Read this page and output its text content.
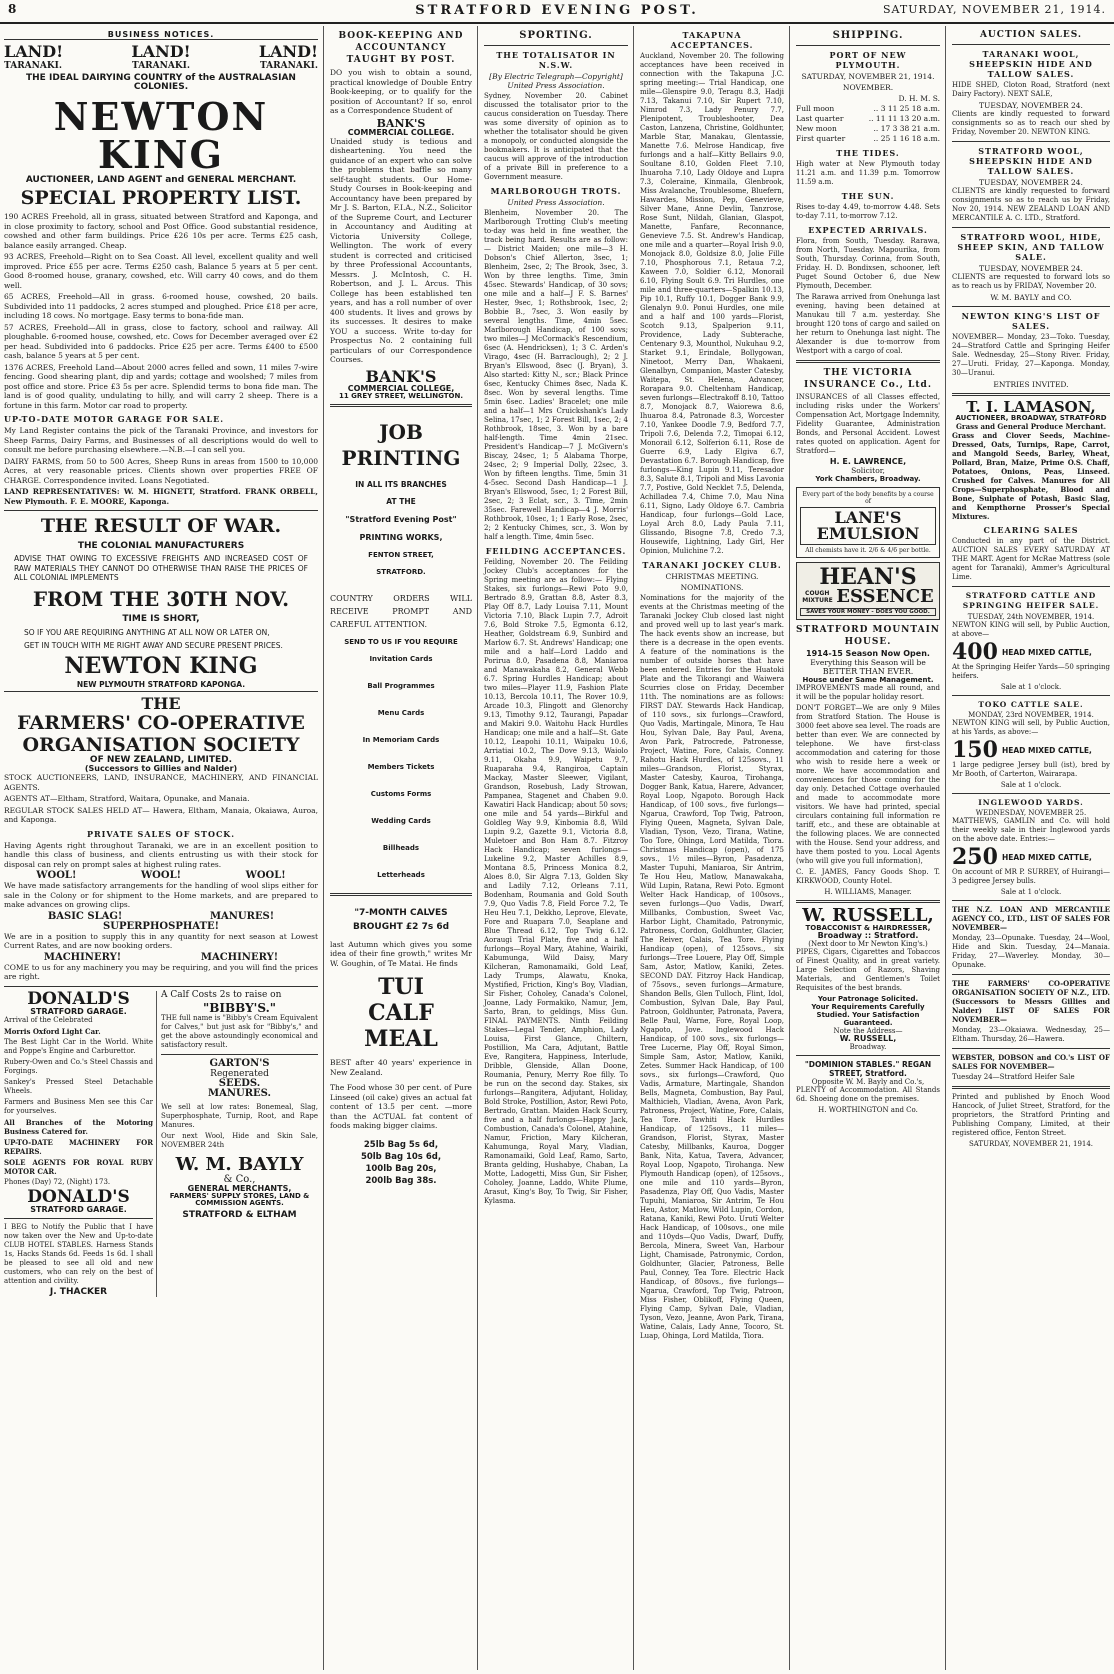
8	STRATFORD EVENING POST.	SATURDAY, NOVEMBER 21, 1914.
BUSINESS NOTICES.
LAND!	LAND!	LAND!
TARANAKI.	TARANAKI.	TARANAKI.
THE IDEAL DAIRYING COUNTRY of the AUSTRALASIAN COLONIES.
NEWTON KING
AUCTIONEER, LAND AGENT and GENERAL MERCHANT.
SPECIAL PROPERTY LIST.

190 ACRES Freehold, all in grass, situated between Stratford and Kaponga, and in close proximity to factory, school and Post Office. Good substantial residence, cowshed and other farm buildings. Price £26 10s per acre. Terms £25 cash, balance easily arranged. Cheap.

93 ACRES, Freehold—Right on to Sea Coast. All level, excellent quality and well improved. Price £55 per acre. Terms £250 cash, Balance 5 years at 5 per cent. Good 8-roomed house, granary, cowshed, etc. Will carry 40 cows, and do them well.

65 ACRES, Freehold—All in grass. 6-roomed house, cowshed, 20 bails. Subdivided into 11 paddocks, 2 acres stumped and ploughed. Price £18 per acre, including 18 cows. No mortgage. Easy terms to bona-fide man.

57 ACRES, Freehold—All in grass, close to factory, school and railway. All ploughable. 6-roomed house, cowshed, etc. Cows for December averaged over £2 per head. Subdivided into 6 paddocks. Price £25 per acre. Terms £400 to £500 cash, balance 5 years at 5 per cent.

1376 ACRES, Freehold Land—About 2000 acres felled and sown, 11 miles 7-wire fencing. Good shearing plant, dip and yards; cottage and woolshed; 7 miles from post office and store. Price £3 5s per acre. Splendid terms to bona fide man. The land is of good quality, undulating to hilly, and will carry 2 sheep. There is a fortune in this farm. Motor car road to property.

UP-TO-DATE MOTOR GARAGE FOR SALE.

My Land Register contains the pick of the Taranaki Province, and investors for Sheep Farms, Dairy Farms, and Businesses of all descriptions would do well to consult me before purchasing elsewhere.—N.B.—I can sell you.

DAIRY FARMS, from 50 to 500 Acres, Sheep Runs in areas from 1500 to 10,000 Acres, at very reasonable prices. Clients shown over properties FREE OF CHARGE. Correspondence invited. Loans Negotiated.

LAND REPRESENTATIVES: W. M. HIGNETT, Stratford. FRANK ORBELL, New Plymouth. F. E. MOORE, Kaponga.

THE RESULT OF WAR.
THE COLONIAL MANUFACTURERS

ADVISE THAT OWING TO EXCESSIVE FREIGHTS AND INCREASED COST OF RAW MATERIALS THEY CANNOT DO OTHERWISE THAN RAISE THE PRICES OF ALL COLONIAL IMPLEMENTS

FROM THE 30TH NOV.
TIME IS SHORT,

SO IF YOU ARE REQUIRING ANYTHING AT ALL NOW OR LATER ON,

GET IN TOUCH WITH ME RIGHT AWAY AND SECURE PRESENT PRICES.

NEWTON KING
NEW PLYMOUTH STRATFORD KAPONGA.
THE
FARMERS' CO-OPERATIVE ORGANISATION SOCIETY
OF NEW ZEALAND, LIMITED.
(Successors to Gillies and Nalder)

STOCK AUCTIONEERS, LAND, INSURANCE, MACHINERY, AND FINANCIAL AGENTS.

AGENTS AT—Eltham, Stratford, Waitara, Opunake, and Manaia.

REGULAR STOCK SALES HELD AT— Hawera, Eltham, Manaia, Okaiawa, Auroa, and Kaponga.

PRIVATE SALES OF STOCK.

Having Agents right throughout Taranaki, we are in an excellent position to handle this class of business, and clients entrusting us with their stock for disposal can rely on prompt sales at highest ruling rates.

WOOL!	WOOL!	WOOL!

We have made satisfactory arrangements for the handling of wool slips either for sale in the Colony or for shipment to the Home markets, and are prepared to make advances on growing clips.

BASIC SLAG!	MANURES!
SUPERPHOSPHATE!

We are in a position to supply this in any quantity for next season at Lowest Current Rates, and are now booking orders.

MACHINERY!	MACHINERY!

COME to us for any machinery you may be requiring, and you will find the prices are right.

DONALD'S
STRATFORD GARAGE.

Arrival of the Celebrated

Morris Oxford Light Car.

The Best Light Car in the World. White and Poppe's Engine and Carburettor.

Rubery-Owen and Co.'s Steel Chassis and Forgings.

Sankey's Pressed Steel Detachable Wheels.

Farmers and Business Men see this Car for yourselves.

All Branches of the Motoring Business Catered for.

UP-TO-DATE MACHINERY FOR REPAIRS.

SOLE AGENTS FOR ROYAL RUBY MOTOR CAR.

Phones (Day) 72, (Night) 173.

DONALD'S
STRATFORD GARAGE.

I BEG to Notify the Public that I have now taken over the New and Up-to-date CLUB HOTEL STABLES. Harness Stands 1s, Hacks Stands 6d. Feeds 1s 6d. I shall be pleased to see all old and new customers, who can rely on the best of attention and civility.

J. THACKER

A Calf Costs 2s to raise on

"BIBBY'S."

THE full name is "Bibby's Cream Equivalent for Calves," but just ask for "Bibby's," and get the above astoundingly economical and satisfactory result.

GARTON'S
Regenerated
SEEDS.
MANURES.

We sell at low rates: Bonemeal, Slag, Superphosphate, Turnip, Root, and Rape Manures.

Our next Wool, Hide and Skin Sale, NOVEMBER 24th

W. M. BAYLY
& Co.,
GENERAL MERCHANTS,
FARMERS' SUPPLY STORES, LAND & COMMISSION AGENTS.
STRATFORD & ELTHAM
BOOK-KEEPING AND ACCOUNTANCY TAUGHT BY POST.

DO you wish to obtain a sound, practical knowledge of Double Entry Book-keeping, or to qualify for the position of Accountant? If so, enrol as a Correspondence Student of

BANK'S
COMMERCIAL COLLEGE.

Unaided study is tedious and disheartening. You need the guidance of an expert who can solve the problems that baffle so many self-taught students. Our Home-Study Courses in Book-keeping and Accountancy have been prepared by Mr J. S. Barton, F.I.A., N.Z., Solicitor of the Supreme Court, and Lecturer in Accountancy and Auditing at Victoria University College, Wellington. The work of every student is corrected and criticised by three Professional Accountants, Messrs. J. McIntosh, C. H. Robertson, and J. L. Arcus. This College has been established ten years, and has a roll number of over 400 students. It lives and grows by its successes. It desires to make YOU a success. Write to-day for Prospectus No. 2 containing full particulars of our Correspondence Courses.

BANK'S
COMMERCIAL COLLEGE,
11 GREY STREET, WELLINGTON.
JOB PRINTING
IN ALL ITS BRANCHES
AT THE
"Stratford Evening Post"
PRINTING WORKS,
FENTON STREET,
STRATFORD.

COUNTRY ORDERS WILL RECEIVE PROMPT AND CAREFUL ATTENTION.

SEND TO US IF YOU REQUIRE
Invitation Cards
Ball Programmes
Menu Cards
In Memoriam Cards
Members Tickets
Customs Forms
Wedding Cards
Billheads
Letterheads
"7-MONTH CALVES BROUGHT £2 7s 6d

last Autumn which gives you some idea of their fine growth," writes Mr W. Goughin, of Te Matai. He finds

TUI
CALF
MEAL

BEST after 40 years' experience in New Zealand.

The Food whose 30 per cent. of Pure Linseed (oil cake) gives an actual fat content of 13.5 per cent. —more than the ACTUAL fat content of foods making bigger claims.

25lb Bag 5s 6d,
50lb Bag 10s 6d,
100lb Bag 20s,
200lb Bag 38s.
SPORTING.
THE TOTALISATOR IN N.S.W.
[By Electric Telegraph—Copyright] United Press Association.

Sydney, November 20. Cabinet discussed the totalisator prior to the caucus consideration on Tuesday. There was some diversity of opinion as to whether the totalisator should be given a monopoly, or conducted alongside the bookmakers. It is anticipated that the caucus will approve of the introduction of a private Bill in preference to a Government measure.

MARLBOROUGH TROTS.
United Press Association.

Blenheim, November 20. The Marlborough Trotting Club's meeting to-day was held in fine weather, the track being hard. Results are as follow:— District Maiden; one mile—3 H. Dobson's Chief Allerton, 3sec, 1; Blenheim, 2sec, 2; The Brook, 3sec, 3. Won by three lengths. Time, 3min 45sec. Stewards' Handicap, of 30 sovs; one mile and a half—J F. S. Barnes' Hester, 9sec, 1; Rothsbrook, 1sec, 2; Bobbie B., 7sec, 3. Won easily by several lengths. Time, 4min 5sec. Marlborough Handicap, of 100 sovs; two miles—J McCormack's Rescendium, 6sec (A. Hendricksen), 1; 3 C. Arden's Virago, 4sec (H. Barraclough), 2; 2 J. Bryan's Ellswood, 8sec (J. Bryan), 3. Also started: Kitty N., scr.; Black Prince 6sec, Kentucky Chimes 8sec, Nada K. 8sec. Won by several lengths. Time 5min 6sec. Ladies' Bracelet; one mile and a half—1 Mrs Cruickshank's Lady Selina, 17sec, 1; 2 Forest Bill, 1sec, 2; 4 Rothbrook, 18sec, 3. Won by a bare half-length. Time 4min 21sec. President's Handicap—7 J. McGivern's Biscay, 24sec, 1; 5 Alabama Thorpe, 24sec, 2; 9 Imperial Dolly, 22sec, 3. Won by fifteen lengths. Time, 5min 31 4-5sec. Second Dash Handicap—1 J. Bryan's Ellswood, 5sec, 1; 2 Forest Bill, 2sec, 2; 3 Eclat, scr., 3. Time, 2min 35sec. Farewell Handicap—4 J. Morris' Rothbrook, 10sec, 1; 1 Early Rose, 2sec, 2; 2 Kentucky Chimes, scr., 3. Won by half a length. Time, 4min 5sec.

FEILDING ACCEPTANCES.

Feilding, November 20. The Feilding Jockey Club's acceptances for the Spring meeting are as follow:— Flying Stakes, six furlongs—Rewi Poto 9.0, Bertrado 8.9, Grattan 8.8, Aster 8.3, Play Off 8.7, Lady Louisa 7.11, Mount Victoria 7.10, Black Lupin 7.7, Adroit 7.6, Bold Stroke 7.5, Egmonta 6.12, Heather, Goldstream 6.9, Sunbird and Marlow 6.7. St. Andrews' Handicap; one mile and a half—Lord Laddo and Porirua 8.0, Pasadena 8.8, Maniaroa and Manawakaha 8.2, General Webb 6.7. Spring Hurdles Handicap; about two miles—Player 11.9, Fashion Plate 10.13, Bercola 10.11, The Rover 10.9, Arcade 10.3, Flingott and Glenorchy 9.13, Timothy 9.12, Taurangi, Papadar and Makiri 9.0. Waitohu Hack Hurdles Handicap; one mile and a half—St. Gate 10.12, Leapohi 10.11, Waipaku 10.6, Arriatiai 10.2, The Dove 9.13, Waiolo 9.11, Okaha 9.9, Waipetu 9.7, Ruaparaha 9.4, Rangiroa, Captain Mackay, Master Sleewer, Vigilant, Grandson, Rosebush, Lady Strowan, Pampanea, Stagenet and Chaben 9.0. Kawatiri Hack Handicap; about 50 sovs; one mile and 54 yards—Birkful and Goldleg Way 9.9, Kinbomia 8.8, Wild Lupin 9.2, Gazette 9.1, Victoria 8.8, Muletoer and Bon Ham 8.7. Fitzroy Hack Handicap; seven furlongs—Lukeline 9.2, Master Achilles 8.9, Montana 8.5, Princess Monica 8.2, Aloes 8.0, Sir Algra 7.13, Golden Sky and Ladily 7.12, Orleans 7.11, Bodenham, Roumania and Gold South 7.9, Quo Vadis 7.8, Field Force 7.2, Te Heu Heu 7.1, Dekkho, Leprove, Elevate, Fore and Ruapara 7.0, Seaplane and Blue Thread 6.12, Top Twig 6.12. Aoraugi Trial Plate, five and a half furlongs—Royal Mary, Atahine, Wairiki, Kabumunga, Wild Daisy, Mary Kilcheran, Ramonamaiki, Gold Leaf, Lady Trumps, Alawatu, Knoka, Mystified, Friction, King's Boy, Vladian, Sir Fisher, Coholey, Canada's Colonel, Joanne, Lady Formakiko, Namur, Jem, Sarto, Bran, to geldings, Miss Gun. FINAL PAYMENTS. Ninth Feilding Stakes—Legal Tender, Amphion, Lady Louisa, First Glance, Chiltern, Postillion, Ma Cara, Adjutant, Battle Eve, Rangitera, Happiness, Interlude, Dribble, Glenside, Allan Doone, Roumania, Penury, Merry Roe filly. To be run on the second day. Stakes, six furlongs—Rangitera, Adjutant, Holiday, Bold Stroke, Postillion, Astor, Rewi Poto, Bertrado, Grattan. Maiden Hack Scurry, five and a half furlongs—Happy Jack, Combustion, Canada's Colonel, Atahine, Namur, Friction, Mary Kilcheran, Kahumunga, Royal Mary, Vladian, Ramonamaiki, Gold Leaf, Ramo, Sarto, Branta gelding, Hushabye, Chaban, La Motte, Ladogetti, Miss Gun, Sir Fisher, Coholey, Joanne, Laddo, White Plume, Arasut, King's Boy, To Twig, Sir Fisher, Kylasma.

TAKAPUNA ACCEPTANCES.

Auckland, November 20. The following acceptances have been received in connection with the Takapuna J.C. spring meeting:— Trial Handicap, one mile—Glenspire 9.0, Teragu 8.3, Hadji 7.13, Takanui 7.10, Sir Rupert 7.10, Nimrod 7.3, Lady Penury 7.7, Plenipotent, Troubleshooter, Dea Caston, Lanzena, Christine, Goldhunter, Marble Star, Manakau, Glentassie, Manette 7.6. Melrose Handicap, five furlongs and a half—Kitty Bellairs 9.0, Soultane 8.10, Golden Fleet 7.10, Ihuaroha 7.10, Lady Oldoye and Lupra 7.3, Coleraine, Kinmaila, Glenbrook, Miss Avalanche, Troublesome, Bluefern, Hawardes, Mission, Pep, Genevieve, Silver Mane, Anne Devlin, Tanzrose, Rose Sunt, Nildah, Glanian, Glaspot, Manette, Fanfare, Reconnance, Genevieve 7.5. St. Andrew's Handicap, one mile and a quarter—Royal Irish 9.0, Monojack 8.0, Goldsize 8.0, Jolie Fille 7.10, Phosphorous 7.1, Retaua 7.2, Kaween 7.0, Soldier 6.12, Monorail 6.10, Flying Soult 6.9. Tri Hurdles, one mile and three-quarters—Spalkin 10.13, Pip 10.1, Ruffy 10.1, Dogger Bank 9.9, Glenalyn 9.0. Ponui Hurdles, one mile and a half and 100 yards—Florist, Scotch 9.13, Spalperion 9.11, Providence, Lady Subterache, Centenary 9.3, Mounthol, Nukuhau 9.2, Starket 9.1, Erindale, Bollygowan, Ninetoot, Merry Dan, Whakaeni, Glenalbyn, Companion, Master Catesby, Waitepa, St. Helena, Advancer, Rorapara 9.0. Cheltenham Handicap, seven furlongs—Electrakoff 8.10, Tattoo 8.7, Monojack 8.7, Waiorewa 8.6, Ihuaroa 8.4, Patronade 8.3, Worcester 7.10, Yankee Doodle 7.9, Bedford 7.7, Tripoli 7.6, Delenda 7.2, Timopai 6.12, Monorail 6.12, Solferion 6.11, Rose de Guerre 6.9, Lady Elgiva 6.7, Devastation 6.7. Borough Handicap, five furlongs—King Lupin 9.11, Teresador 8.3, Salute 8.1, Tripoli and Miss Lavonia 7.7, Postive, Gold Necklet 7.5, Delenda, Achilladea 7.4, Chime 7.0, Mau Nina 6.11, Signo, Lady Oldoye 6.7. Cambria Handicap, four furlongs—Gold Lace, Loyal Arch 8.0, Lady Paula 7.11, Glissando, Bisogne 7.8, Credo 7.3, Housewife, Lightning, Lady Girl, Her Opinion, Mulichine 7.2.

TARANAKI JOCKEY CLUB.
CHRISTMAS MEETING.
NOMINATIONS.

Nominations for the majority of the events at the Christmas meeting of the Taranaki Jockey Club closed last night and proved well up to last year's mark. The hack events show an increase, but there is a decrease in the open events. A feature of the nominations is the number of outside horses that have been entered. Entries for the Huatoki Plate and the Tikorangi and Waiwera Scurries close on Friday, December 11th. The nominations are as follows: FIRST DAY. Stewards Hack Handicap, of 110 sovs., six furlongs—Crawford, Quo Vadis, Martingale, Minora, Te Hau Hou, Sylvan Dale, Bay Paul, Avena, Avon Park, Patrocrede, Patronesse, Project, Watine, Fore, Calais, Conney. Rahotu Hack Hurdles, of 125sovs., 11 miles—Grandson, Florist, Styrax, Master Catesby, Kauroa, Tirohanga, Dogger Bank, Katua, Harere, Advancer, Royal Loop, Ngapoto. Borough Hack Handicap, of 100 sovs., five furlongs—Ngarua, Crawford, Top Twig, Patroon, Flying Queen, Magneta, Sylvan Dale, Vladian, Tyson, Vezo, Tirana, Watine, Too Tore, Ohinga, Lord Matilda, Tiora. Christmas Handicap (open), of 175 sovs., 1½ miles—Byron, Pasadenza, Master Tupuhi, Maniaroa, Sir Antrim, Te Hou Heu, Matlow, Manawakaha, Wild Lupin, Ratana, Rewi Poto. Egmont Welter Hack Handicap, of 100sovs., seven furlongs—Quo Vadis, Dwarf, Millbanks, Combustion, Sweet Vac, Harbor Light, Chamitado, Patronymic, Patroness, Cordon, Goldhunter, Glacier, The Reiver, Calais, Tea Tore. Flying Handicap (open), of 125sovs., six furlongs—Tree Louere, Play Off, Simple Sam, Astor, Matlow, Kaniki, Zetes. SECOND DAY. Fitzroy Hack Handicap, of 75sovs., seven furlongs—Armature, Shandon Bells, Glen Tulloch, Flint, Idol, Combustion, Sylvan Dale, Bay Paul, Patroon, Goldhunter, Patronata, Pavera, Belle Paul, Warne, Fore, Royal Loop, Ngapoto, Jove. Inglewood Hack Handicap, of 100 sovs., six furlongs—Tree Lucerne, Play Off, Royal Simon, Simple Sam, Astor, Matlow, Kaniki, Zetes. Summer Hack Handicap, of 100 sovs., six furlongs—Crawford, Quo Vadis, Armature, Martingale, Shandon Bells, Magneta, Combustion, Bay Paul, Malthicieh, Vladian, Avena, Avon Park, Patroness, Project, Watine, Fore, Calais, Tea Tore. Tawhiti Hack Hurdles Handicap, of 125sovs., 11 miles—Grandson, Florist, Styrax, Master Catesby, Millbanks, Kauroa, Dogger Bank, Nita, Katua, Tavera, Advancer, Royal Loop, Ngapoto, Tirohanga. New Plymouth Handicap (open), of 125sovs., one mile and 110 yards—Byron, Pasadenza, Play Off, Quo Vadis, Master Tupuhi, Maniaroa, Sir Antrim, Te Hou Heu, Astor, Matlow, Wild Lupin, Cordon, Ratana, Kaniki, Rewi Poto. Urutī Welter Hack Handicap, of 100sovs., one mile and 110yds—Quo Vadis, Dwarf, Duffy, Bercola, Minera, Sweet Van, Harbour Light, Chamisade, Patronymic, Cordon, Goldhunter, Glacier, Patroness, Belle Paul, Conney, Tea Tore. Electric Hack Handicap, of 80sovs., five furlongs—Ngarua, Crawford, Top Twig, Patroon, Miss Fisher, Oblikoff, Flying Queen, Flying Camp, Sylvan Dale, Vladian, Tyson, Vezo, Jeanne, Avon Park, Tirana, Watine, Calais, Lady Anne, Tocoro, St. Luap, Ohinga, Lord Matilda, Tiora.

SHIPPING.
PORT OF NEW PLYMOUTH.
SATURDAY, NOVEMBER 21, 1914.
NOVEMBER.
D. H. M. S.
Full moon	.. 3 11 25 18 a.m.
Last quarter	.. 11 11 13 20 a.m.
New moon	.. 17 3 38 21 a.m.
First quarter	.. 25 1 16 18 a.m.
THE TIDES.

High water at New Plymouth today 11.21 a.m. and 11.39 p.m. Tomorrow 11.59 a.m.

THE SUN.

Rises to-day 4.49, to-morrow 4.48. Sets to-day 7.11, to-morrow 7.12.

EXPECTED ARRIVALS.

Flora, from South, Tuesday. Rarawa, from North, Tuesday. Mapourika, from South, Thursday. Corinna, from South, Friday. H. D. Bondixsen, schooner, left Puget Sound October 6, due New Plymouth, December.

The Rarawa arrived from Onehunga last evening, having been detained at Manukau till 7 a.m. yesterday. She brought 120 tons of cargo and sailed on her return to Onehunga last night. The Alexander is due to-morrow from Westport with a cargo of coal.

THE VICTORIA INSURANCE Co., Ltd.

INSURANCES of all Classes effected, including risks under the Workers' Compensation Act, Mortgage Indemnity, Fidelity Guarantee, Administration Bonds, and Personal Accident. Lowest rates quoted on application. Agent for Stratford—

H. E. LAWRENCE,
Solicitor,
York Chambers, Broadway.
Every part of the body benefits by a course of
LANE'S EMULSION
All chemists have it. 2/6 & 4/6 per bottle.
HEAN'S
COUGH MIXTURE ESSENCE
SAVES YOUR MONEY - DOES YOU GOOD.
STRATFORD MOUNTAIN HOUSE.
1914-15 Season Now Open.
Everything this Season will be
BETTER THAN EVER.
House under Same Management.

IMPROVEMENTS made all round, and it will be the popular holiday resort.

DON'T FORGET—We are only 9 Miles from Stratford Station. The House is 3000 feet above sea level. The roads are better than ever. We are connected by telephone. We have first-class accommodation and catering for those who wish to reside here a week or more. We have accommodation and conveniences for those coming for the day only. Detached Cottage overhauled and made to accommodate more visitors. We have had printed, special circulars containing full information re tariff, etc., and these are obtainable at the following places. We are connected with the House. Send your address, and have them posted to you. Local Agents (who will give you full information),

C. E. JAMES, Fancy Goods Shop. T. KIRKWOOD, County Hotel.

H. WILLIAMS, Manager.
W. RUSSELL,
TOBACCONIST & HAIRDRESSER,
Broadway :: Stratford.
(Next door to Mr Newton King's.)

PIPES, Cigars, Cigarettes and Tobaccos of Finest Quality, and in great variety. Large Selection of Razors, Shaving Materials, and Gentlemen's Toilet Requisites of the best brands.

Your Patronage Solicited.
Your Requirements Carefully Studied. Your Satisfaction Guaranteed.
Note the Address—
W. RUSSELL,
Broadway.
"DOMINION STABLES." REGAN STREET, Stratford.
Opposite W. M. Bayly and Co.'s,

PLENTY of Accommodation. All Stands 6d. Shoeing done on the premises.

H. WORTHINGTON and Co.
AUCTION SALES.
TARANAKI WOOL, SHEEPSKIN HIDE AND TALLOW SALES.

HIDE SHED, Cloton Road, Stratford (next Dairy Factory). NEXT SALE,

TUESDAY, NOVEMBER 24.

Clients are kindly requested to forward consignments so as to reach our shed by Friday, November 20. NEWTON KING.

STRATFORD WOOL, SHEEPSKIN HIDE AND TALLOW SALES.
TUESDAY, NOVEMBER 24.

CLIENTS are kindly requested to forward consignments so as to reach us by Friday, Nov 20, 1914. NEW ZEALAND LOAN AND MERCANTILE A. C. LTD., Stratford.

STRATFORD WOOL, HIDE, SHEEP SKIN, AND TALLOW SALE.
TUESDAY, NOVEMBER 24.

CLIENTS are requested to forward lots so as to reach us by FRIDAY, November 20.

W. M. BAYLY and CO.
NEWTON KING'S LIST OF SALES.

NOVEMBER— Monday, 23—Toko. Tuesday, 24—Stratford Cattle and Springing Heifer Sale. Wednesday, 25—Stony River. Friday, 27—Uruti. Friday, 27—Kaponga. Monday, 30—Uranui.

ENTRIES INVITED.
T. I. LAMASON,
AUCTIONEER, BROADWAY, STRATFORD
Grass and General Produce Merchant.

Grass and Clover Seeds, Machine-Dressed, Oats, Turnips, Rape, Carrot, and Mangold Seeds, Barley, Wheat, Pollard, Bran, Maize, Prime O.S. Chaff, Potatoes, Onions, Peas, Linseed. Crushed for Calves. Manures for All Crops—Superphosphate, Blood and Bone, Sulphate of Potash, Basic Slag, and Kempthorne Prosser's Special Mixtures.

CLEARING SALES

Conducted in any part of the District. AUCTION SALES EVERY SATURDAY AT THE MART. Agent for McRae Mattress (sole agent for Taranaki), Ammer's Agricultural Lime.

STRATFORD CATTLE AND SPRINGING HEIFER SALE.
TUESDAY, 24th NOVEMBER, 1914.

NEWTON KING will sell, by Public Auction, at above—

400 HEAD MIXED CATTLE,

At the Springing Heifer Yards—50 springing heifers.

Sale at 1 o'clock.
TOKO CATTLE SALE.
MONDAY, 23rd NOVEMBER, 1914.

NEWTON KING will sell, by Public Auction, at his Yards, as above:—

150 HEAD MIXED CATTLE,

1 large pedigree Jersey bull (ist), bred by Mr Booth, of Carterton, Wairarapa.

Sale at 1 o'clock.
INGLEWOOD YARDS.
WEDNESDAY, NOVEMBER 25.

MATTHEWS, GAMLIN and Co. will hold their weekly sale in their Inglewood yards on the above date. Entries:—

250 HEAD MIXED CATTLE,

On account of MR P. SURREY, of Huirangi— 3 pedigree Jersey bulls.

Sale at 1 o'clock.

THE N.Z. LOAN AND MERCANTILE AGENCY CO., LTD., LIST OF SALES FOR NOVEMBER—

Monday, 23—Opunake. Tuesday, 24—Wool, Hide and Skin. Tuesday, 24—Manaia. Friday, 27—Waverley. Monday, 30—Opunake.

THE FARMERS' CO-OPERATIVE ORGANISATION SOCIETY OF N.Z., LTD. (Successors to Messrs Gillies and Nalder) LIST OF SALES FOR NOVEMBER—

Monday, 23—Okaiawa. Wednesday, 25—Eltham. Thursday, 26—Hawera.

WEBSTER, DOBSON and CO.'s LIST OF SALES FOR NOVEMBER—

Tuesday 24—Stratford Heifer Sale

Printed and published by Enoch Wood Hancock, of Juliet Street, Stratford, for the proprietors, the Stratford Printing and Publishing Company, Limited, at their registered office, Fenton Street.

SATURDAY, NOVEMBER 21, 1914.
